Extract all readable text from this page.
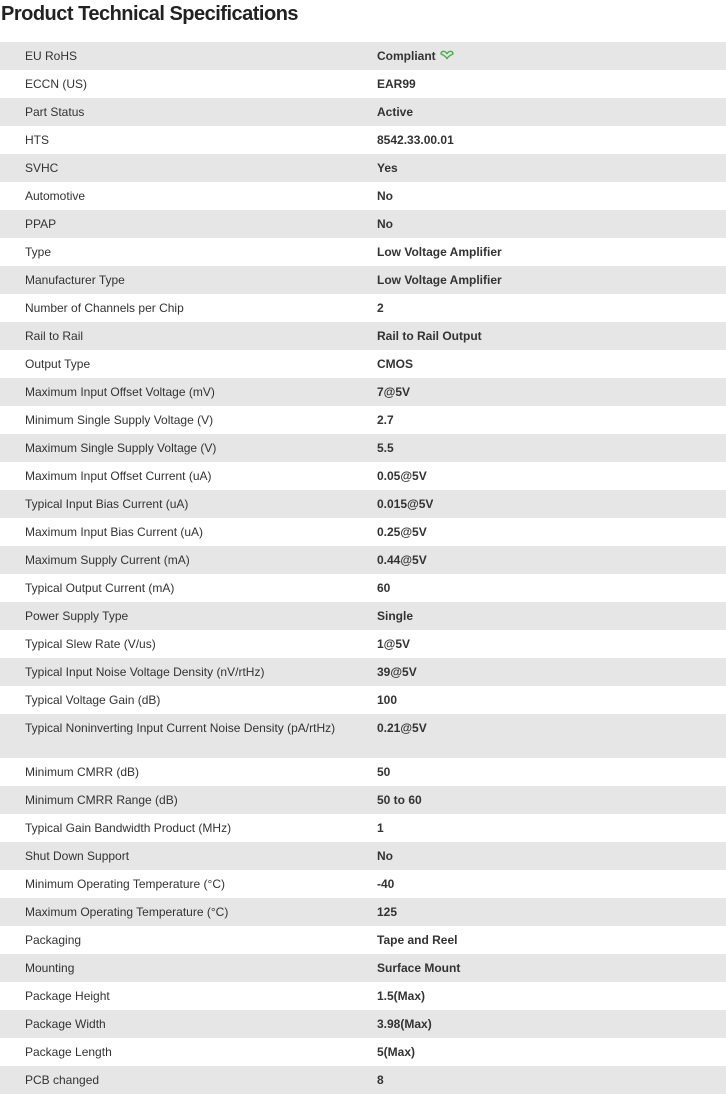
Product Technical Specifications
EU RoHS	Compliant
ECCN (US)	EAR99
Part Status	Active
HTS	8542.33.00.01
SVHC	Yes
Automotive	No
PPAP	No
Type	Low Voltage Amplifier
Manufacturer Type	Low Voltage Amplifier
Number of Channels per Chip	2
Rail to Rail	Rail to Rail Output
Output Type	CMOS
Maximum Input Offset Voltage (mV)	7@5V
Minimum Single Supply Voltage (V)	2.7
Maximum Single Supply Voltage (V)	5.5
Maximum Input Offset Current (uA)	0.05@5V
Typical Input Bias Current (uA)	0.015@5V
Maximum Input Bias Current (uA)	0.25@5V
Maximum Supply Current (mA)	0.44@5V
Typical Output Current (mA)	60
Power Supply Type	Single
Typical Slew Rate (V/us)	1@5V
Typical Input Noise Voltage Density (nV/rtHz)	39@5V
Typical Voltage Gain (dB)	100
Typical Noninverting Input Current Noise Density (pA/rtHz)	0.21@5V
Minimum CMRR (dB)	50
Minimum CMRR Range (dB)	50 to 60
Typical Gain Bandwidth Product (MHz)	1
Shut Down Support	No
Minimum Operating Temperature (°C)	-40
Maximum Operating Temperature (°C)	125
Packaging	Tape and Reel
Mounting	Surface Mount
Package Height	1.5(Max)
Package Width	3.98(Max)
Package Length	5(Max)
PCB changed	8
